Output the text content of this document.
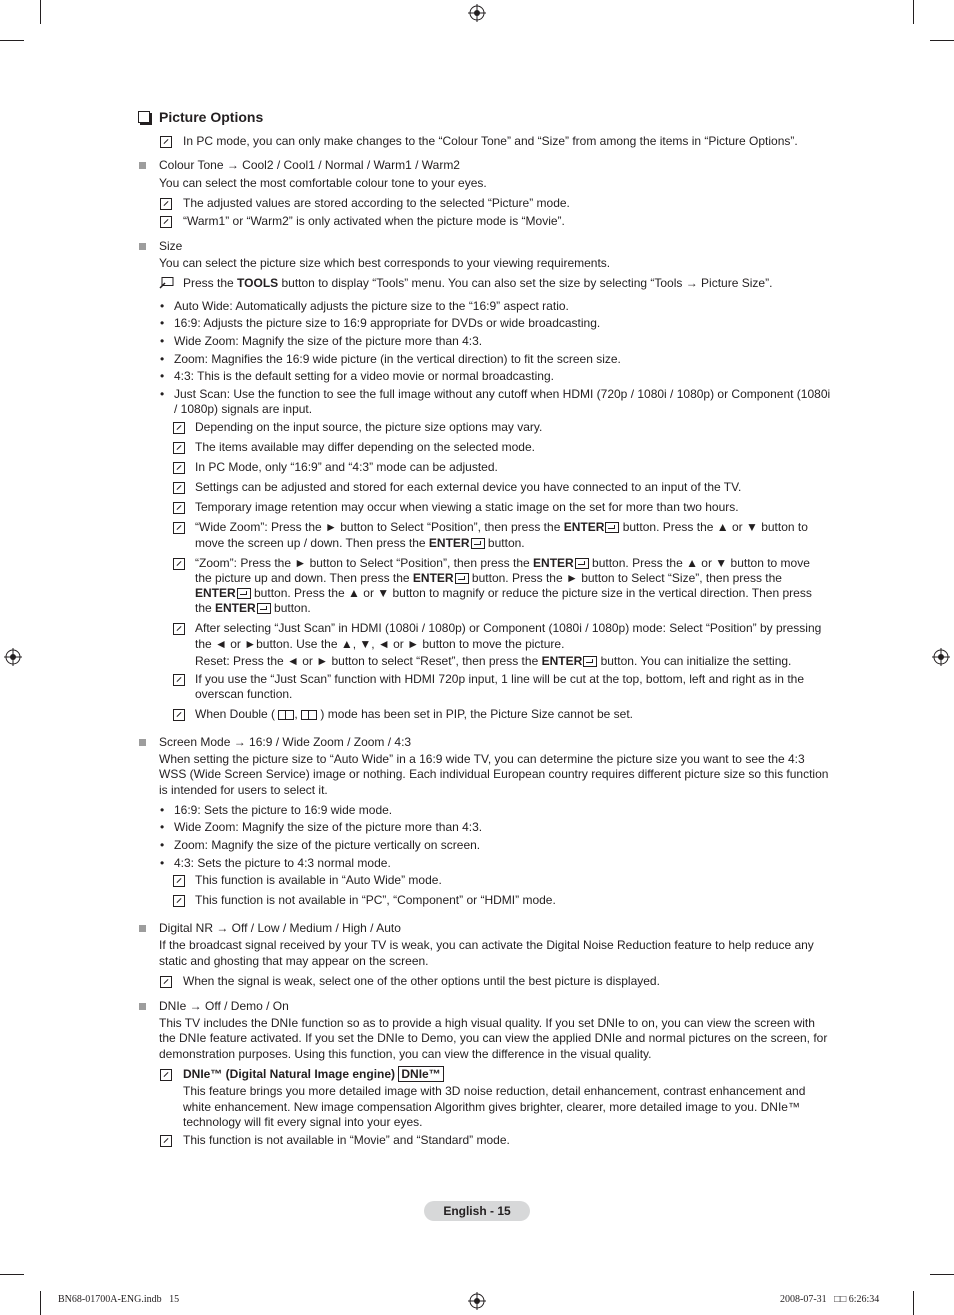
Picture Options
In PC mode, you can only make changes to the “Colour Tone” and “Size” from among the items in “Picture Options”.
Colour Tone → Cool2 / Cool1 / Normal / Warm1 / Warm2
You can select the most comfortable colour tone to your eyes.
The adjusted values are stored according to the selected “Picture” mode.
“Warm1” or “Warm2” is only activated when the picture mode is “Movie”.
Size
You can select the picture size which best corresponds to your viewing requirements.
Press the TOOLS button to display “Tools” menu. You can also set the size by selecting “Tools → Picture Size”.
• Auto Wide: Automatically adjusts the picture size to the “16:9” aspect ratio.
• 16:9: Adjusts the picture size to 16:9 appropriate for DVDs or wide broadcasting.
• Wide Zoom: Magnify the size of the picture more than 4:3.
• Zoom: Magnifies the 16:9 wide picture (in the vertical direction) to fit the screen size.
• 4:3: This is the default setting for a video movie or normal broadcasting.
• Just Scan: Use the function to see the full image without any cutoff when HDMI (720p / 1080i / 1080p) or Component (1080i
/ 1080p) signals are input.
Depending on the input source, the picture size options may vary.
The items available may differ depending on the selected mode.
In PC Mode, only “16:9” and “4:3” mode can be adjusted.
Settings can be adjusted and stored for each external device you have connected to an input of the TV.
Temporary image retention may occur when viewing a static image on the set for more than two hours.
“Wide Zoom”: Press the ► button to Select “Position”, then press the ENTER button. Press the ▲ or ▼ button to
move the screen up / down. Then press the ENTER button.
“Zoom”: Press the ► button to Select “Position”, then press the ENTER button. Press the ▲ or ▼ button to move
the picture up and down. Then press the ENTER button. Press the ► button to Select “Size”, then press the
ENTER button. Press the ▲ or ▼ button to magnify or reduce the picture size in the vertical direction. Then press
the ENTER button.
After selecting “Just Scan” in HDMI (1080i / 1080p) or Component (1080i / 1080p) mode: Select “Position” by pressing
the ◄ or ►button. Use the ▲, ▼, ◄ or ► button to move the picture.
Reset: Press the ◄ or ► button to select “Reset”, then press the ENTER button. You can initialize the setting.
If you use the “Just Scan” function with HDMI 720p input, 1 line will be cut at the top, bottom, left and right as in the
overscan function.
When Double ( ,  ) mode has been set in PIP, the Picture Size cannot be set.
Screen Mode → 16:9 / Wide Zoom / Zoom / 4:3
When setting the picture size to “Auto Wide” in a 16:9 wide TV, you can determine the picture size you want to see the 4:3
WSS (Wide Screen Service) image or nothing. Each individual European country requires different picture size so this function
is intended for users to select it.
• 16:9: Sets the picture to 16:9 wide mode.
• Wide Zoom: Magnify the size of the picture more than 4:3.
• Zoom: Magnify the size of the picture vertically on screen.
• 4:3: Sets the picture to 4:3 normal mode.
This function is available in “Auto Wide” mode.
This function is not available in “PC”, “Component” or “HDMI” mode.
Digital NR → Off / Low / Medium / High / Auto
If the broadcast signal received by your TV is weak, you can activate the Digital Noise Reduction feature to help reduce any
static and ghosting that may appear on the screen.
When the signal is weak, select one of the other options until the best picture is displayed.
DNIe → Off / Demo / On
This TV includes the DNIe function so as to provide a high visual quality. If you set DNIe to on, you can view the screen with
the DNIe feature activated. If you set the DNIe to Demo, you can view the applied DNIe and normal pictures on the screen, for
demonstration purposes. Using this function, you can view the difference in the visual quality.
DNIe™ (Digital Natural Image engine) DNIe™
This feature brings you more detailed image with 3D noise reduction, detail enhancement, contrast enhancement and
white enhancement. New image compensation Algorithm gives brighter, clearer, more detailed image to you. DNIe™
technology will fit every signal into your eyes.
This function is not available in “Movie” and “Standard” mode.
English - 15
BN68-01700A-ENG.indb   15	2008-07-31   □□ 6:26:34
